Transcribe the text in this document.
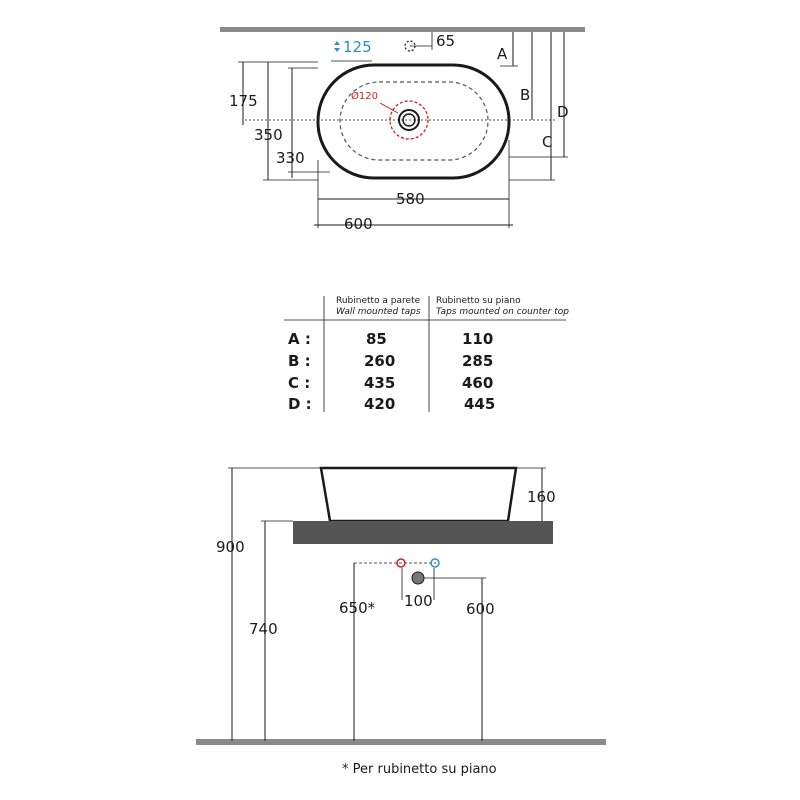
125	65
175
350
330
580
600
Ø120
A
B
C
D
Rubinetto a parete
Wall mounted taps
Rubinetto su piano
Taps mounted on counter top
A :	85	110
B :	260	285
C :	435	460
D :	420	445
900
740
160
650* 100 600
* Per rubinetto su piano
